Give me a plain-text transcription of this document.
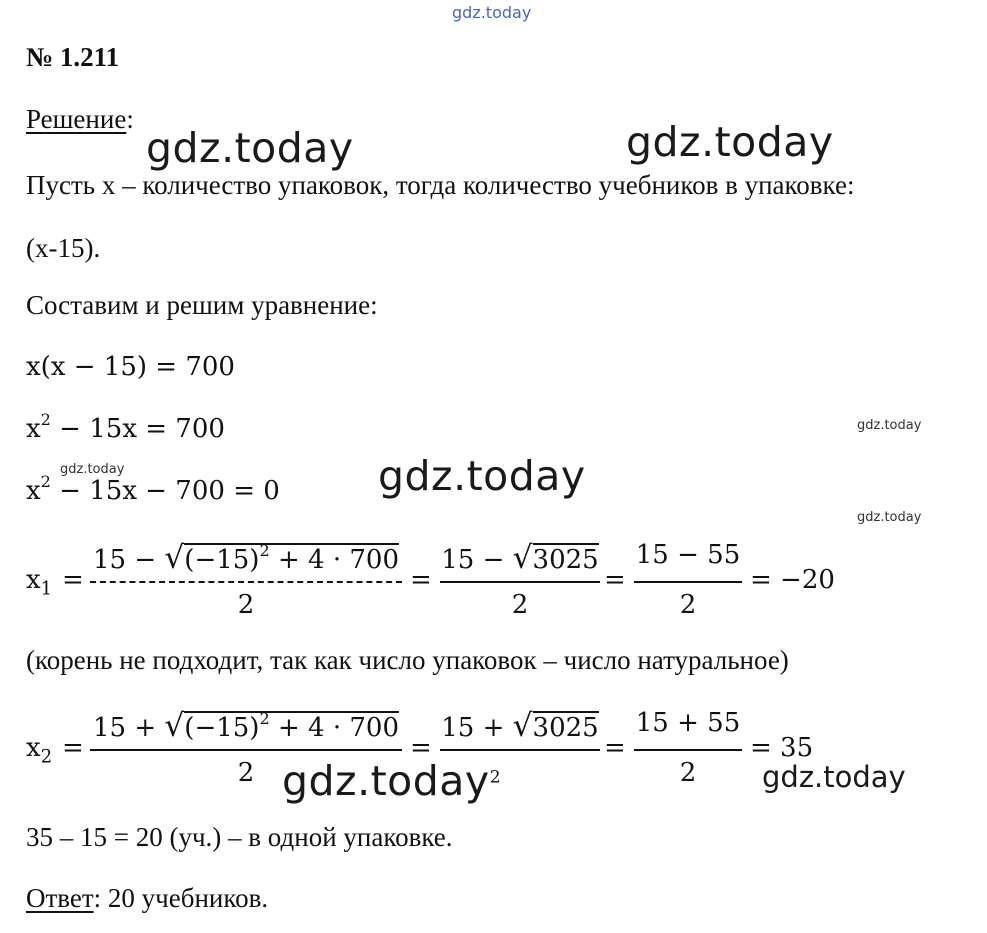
gdz.today
gdz.today	gdz.today
gdz.today
gdz.today
gdz.today
gdz.today
gdz.today
№ 1.211
Решение:
Пусть x – количество упаковок, тогда количество учебников в упаковке:
(x-15).
Составим и решим уравнение:
x(x − 15) = 700
$x^2 - 15x = 700$
$x^2 - 15x - 700 = 0$
$x_1$ =
$15 - √(-15)^2 + 4 \cdot 700$
2
=
15 − √3025
2
=
15 − 55
2
= −20
(корень не подходит, так как число упаковок – число натуральное)
$x_2$ =
$15 + √(-15)^2 + 4 \cdot 700$
2
=
15 + √3025
gdz.today$^2$
=
15 + 55
2
= 35
35 – 15 = 20 (уч.) – в одной упаковке.
Ответ: 20 учебников.
